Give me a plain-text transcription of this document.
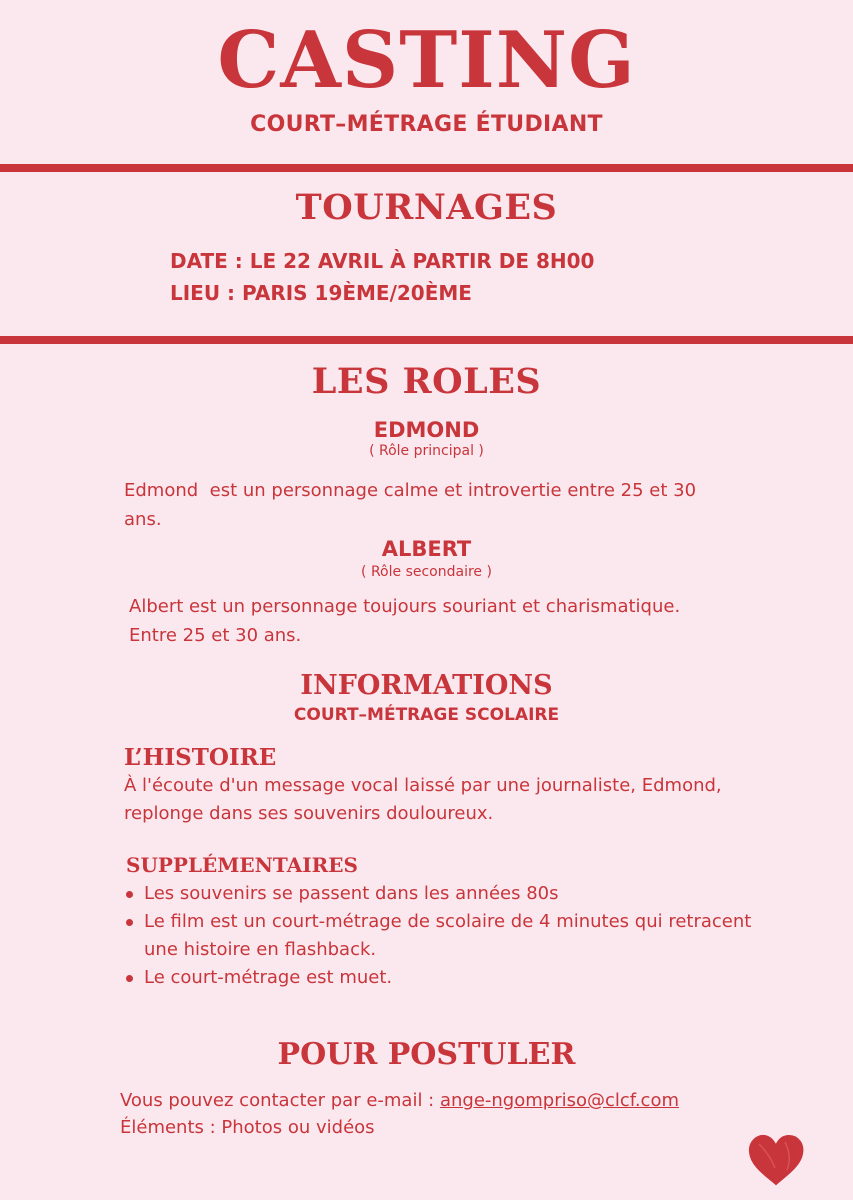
CASTING
COURT–MÉTRAGE ÉTUDIANT
TOURNAGES
DATE : LE 22 AVRIL À PARTIR DE 8H00
LIEU : PARIS 19ÈME/20ÈME
LES ROLES
EDMOND
( Rôle principal )
Edmond  est un personnage calme et introvertie entre 25 et 30
ans.
ALBERT
( Rôle secondaire )
Albert est un personnage toujours souriant et charismatique.
Entre 25 et 30 ans.
INFORMATIONS
COURT–MÉTRAGE SCOLAIRE
L’HISTOIRE
À l'écoute d'un message vocal laissé par une journaliste, Edmond,
replonge dans ses souvenirs douloureux.
SUPPLÉMENTAIRES
Les souvenirs se passent dans les années 80s
Le film est un court-métrage de scolaire de 4 minutes qui retracent
une histoire en flashback.
Le court-métrage est muet.
POUR POSTULER
Vous pouvez contacter par e-mail : ange-ngompriso@clcf.com
Éléments : Photos ou vidéos
